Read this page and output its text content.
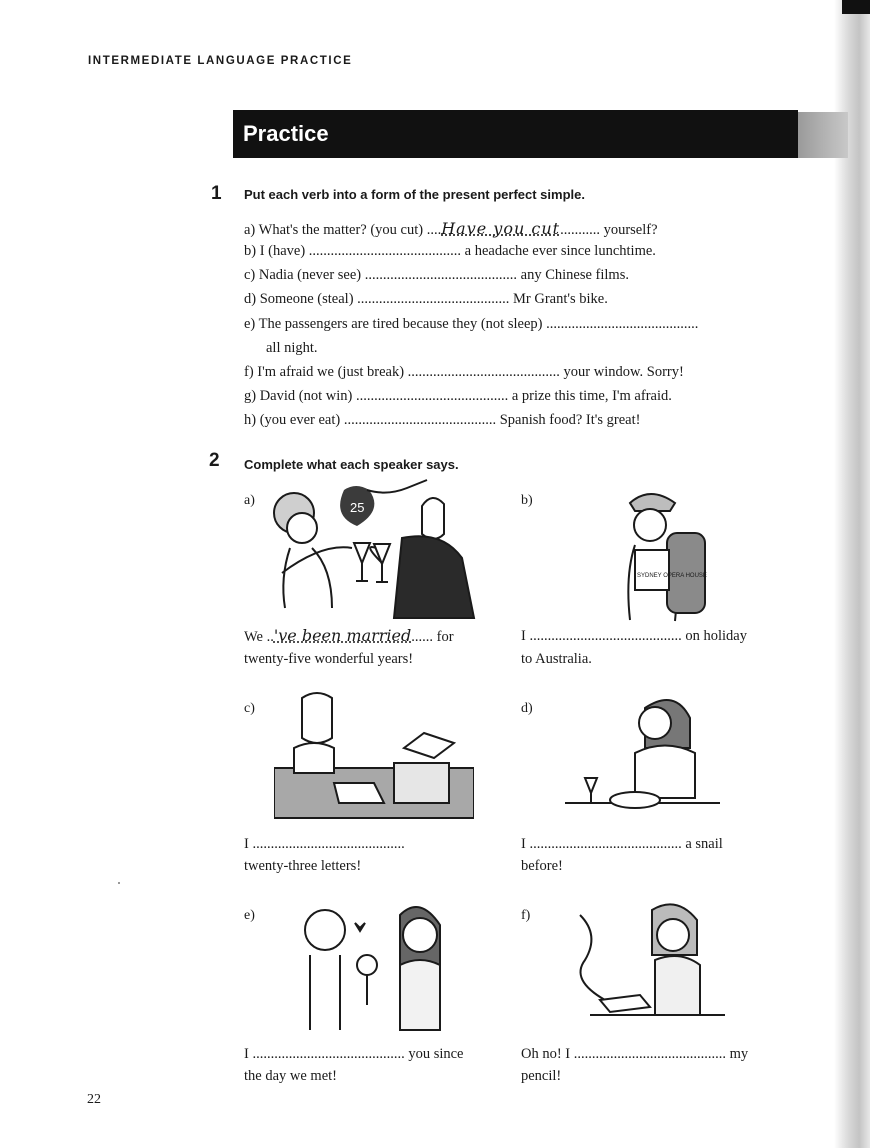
INTERMEDIATE LANGUAGE PRACTICE
Practice
1 Put each verb into a form of the present perfect simple.
a) What's the matter? (you cut) ....Have you cut........... yourself?
b) I (have) .......................................... a headache ever since lunchtime.
c) Nadia (never see) .......................................... any Chinese films.
d) Someone (steal) .......................................... Mr Grant's bike.
e) The passengers are tired because they (not sleep) ..........................................
all night.
f) I'm afraid we (just break) .......................................... your window. Sorry!
g) David (not win) .......................................... a prize this time, I'm afraid.
h) (you ever eat) .......................................... Spanish food? It's great!
2 Complete what each speaker says.
a)	25
We ..'ve been married...... for
twenty-five wonderful years!
b)
SYDNEY OPERA HOUSE
I .......................................... on holiday
to Australia.
c)
I ..........................................
twenty-three letters!
d)
I .......................................... a snail
before!
e)
I .......................................... you since
the day we met!
f)
Oh no! I .......................................... my
pencil!
22
